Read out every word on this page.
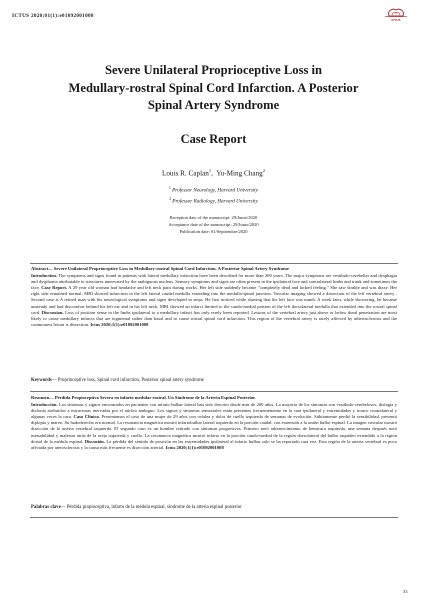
ICTUS 2020;01(1):e01092001008
ICTUS
Severe Unilateral Proprioceptive Loss in
Medullary-rostral Spinal Cord Infarction. A Posterior
Spinal Artery Syndrome
Case Report
Louis R. Caplan$^1$,  Yu-Ming Chang$^2$
$^1$ Professor Neurology, Harvard University
$^2$ Professor Radiology, Harvard University
Reception date of the manuscript: 29/Junio/2020
Acceptance date of the manuscript: 29/Junio/2020
Publication date: 01/Septiembre/2020
Abstract— Severe Unilateral Proprioceptive Loss in Medullary-rostral Spinal Cord Infarction. A Posterior Spinal Artery Syndrome
Introduction. The symptoms and signs found in patients with lateral medullary infarction have been described for more than 200 years. The major symptoms are vestibulo-cerebellar and dysphagia and dysphonia attributable to structures innervated by the ambiguous nucleus. Sensory symptoms and signs are often present in the ipsilateral face and contralateral limbs and trunk and sometimes the face. Case Report. A 29 year old woman had headache and left neck pain during works. Her left side suddenly became "completely dead and lacked feeling." She saw double and was dizzy. Her right side remained normal. MRI showed infarction in the left lateral caudal medulla extending into the medulla-spinal junction. Vascular imaging showed a dissection of the left vertebral artery . Second case is A retired man with his neurological symptoms and signs developed in steps. He first noticed while shaving that his left face was numb. A week later, while showering, he became unsteady and had discomfort behind his left ear and in his left neck. MRI showed an infarct limited to the caudo-medial portion of the left dorsolateral medulla that extended into the rostral spinal cord. Discussion. Loss of position sense in the limbs ipsilateral to a medullary infarct has only rarely been reported. Lesions of the vertebral artery just above or below dural penetration are most likely to cause medullary infarcts that are tegmental rather than basal and to cause rostral spinal cord infarction. This region of the vertebral artery is rarely affected by atherosclerosis and the commonest lesion is dissection. Ictus 2020;1(1):e01092001008
Keywords— Proprioceptive loss, Spinal cord infarction, Posterior spinal artery syndrome
Resumen— Pérdida Propioceptiva Severa en infarto medular rostral. Un Síndrome de la Arteria Espinal Posterior.
Introducción. Los síntomas y signos encontrados en pacientes con infarto bulbar lateral han sido descrito desde más de 200 años. La mayoría de los síntomas son vestíbulo-cerebelosos, disfagia y disfonía atribuidos a estructuras inervadas por el núcleo ambiguo. Los signos y síntomas sensoriales están presentes frecuentemente en la cara ipsilateral y extremidades y tronco contralateral y algunas veces la cara. Caso Clínico. Presentamos el caso de una mujer de 29 años con cefalea y dolor de cuello izquierdo de semanas de evolución. Súbitamente perdió la sensibilidad, presentó diplopía y mareo. Su hadoderecho era normal. La resonancia magnética mostró infartobulbar lateral izquierdo en la porción caudal, con extensión a la unión bulbo-espinal. La imagen vascular mostró disección de la arteria vertebral izquierda. El segundo caso es un hombre retirado con síntomas progresivos. Primero notó adormecimiento de hemicara izquierda, una semana después notó inestabilidad y malestar atrás de la oreja izquierda y cuello. La resonancia magnética mostró infarto en la porción caudo-medial de la región dorsolateral del bulbo raquídeo extendido a la región dorsal de la médula espinal. Discusión. La pérdida del sentido de posición en las extremidades ipsilateral al infarto bulbar solo se ha reportado rara vez. Esta región de la arteria vertebral es poco afectada por aterosclerosis y la causa más frecuente es disección arterial. Ictus 2020;1(1):e01092001008
Palabras clave— Pérdida propioceptiva, infarto de la médula espinal, síndrome de la arteria espinal posterior
33
